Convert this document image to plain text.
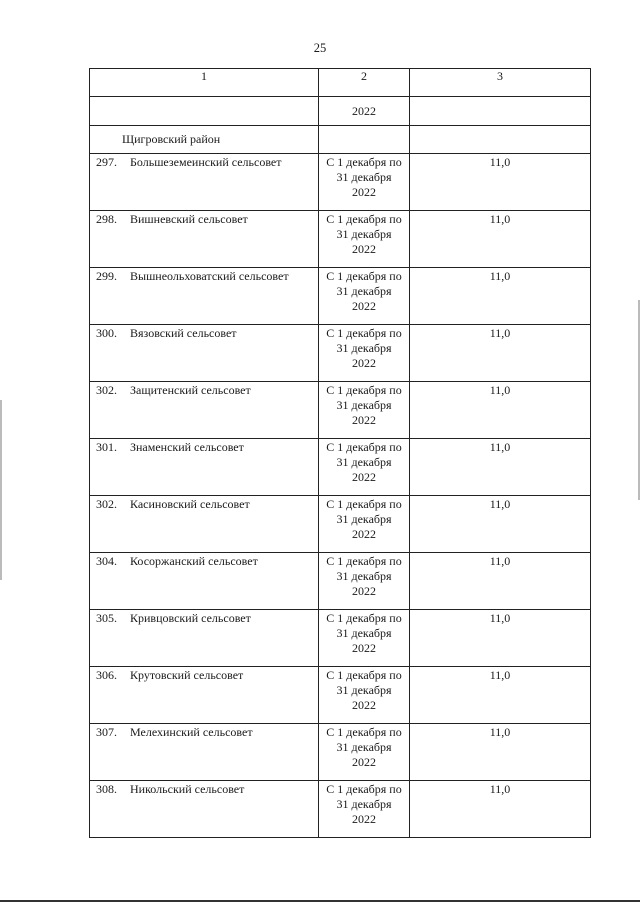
25
1	2	3
	2022	
Щигровский район		
297. Большеземеинский сельсовет	С 1 декабря по
31 декабря
2022	11,0
298. Вишневский сельсовет	С 1 декабря по
31 декабря
2022	11,0
299. Вышнеольховатский сельсовет	С 1 декабря по
31 декабря
2022	11,0
300. Вязовский сельсовет	С 1 декабря по
31 декабря
2022	11,0
302. Защитенский сельсовет	С 1 декабря по
31 декабря
2022	11,0
301. Знаменский сельсовет	С 1 декабря по
31 декабря
2022	11,0
302. Касиновский сельсовет	С 1 декабря по
31 декабря
2022	11,0
304. Косоржанский сельсовет	С 1 декабря по
31 декабря
2022	11,0
305. Кривцовский сельсовет	С 1 декабря по
31 декабря
2022	11,0
306. Крутовский сельсовет	С 1 декабря по
31 декабря
2022	11,0
307. Мелехинский сельсовет	С 1 декабря по
31 декабря
2022	11,0
308. Никольский сельсовет	С 1 декабря по
31 декабря
2022	11,0
